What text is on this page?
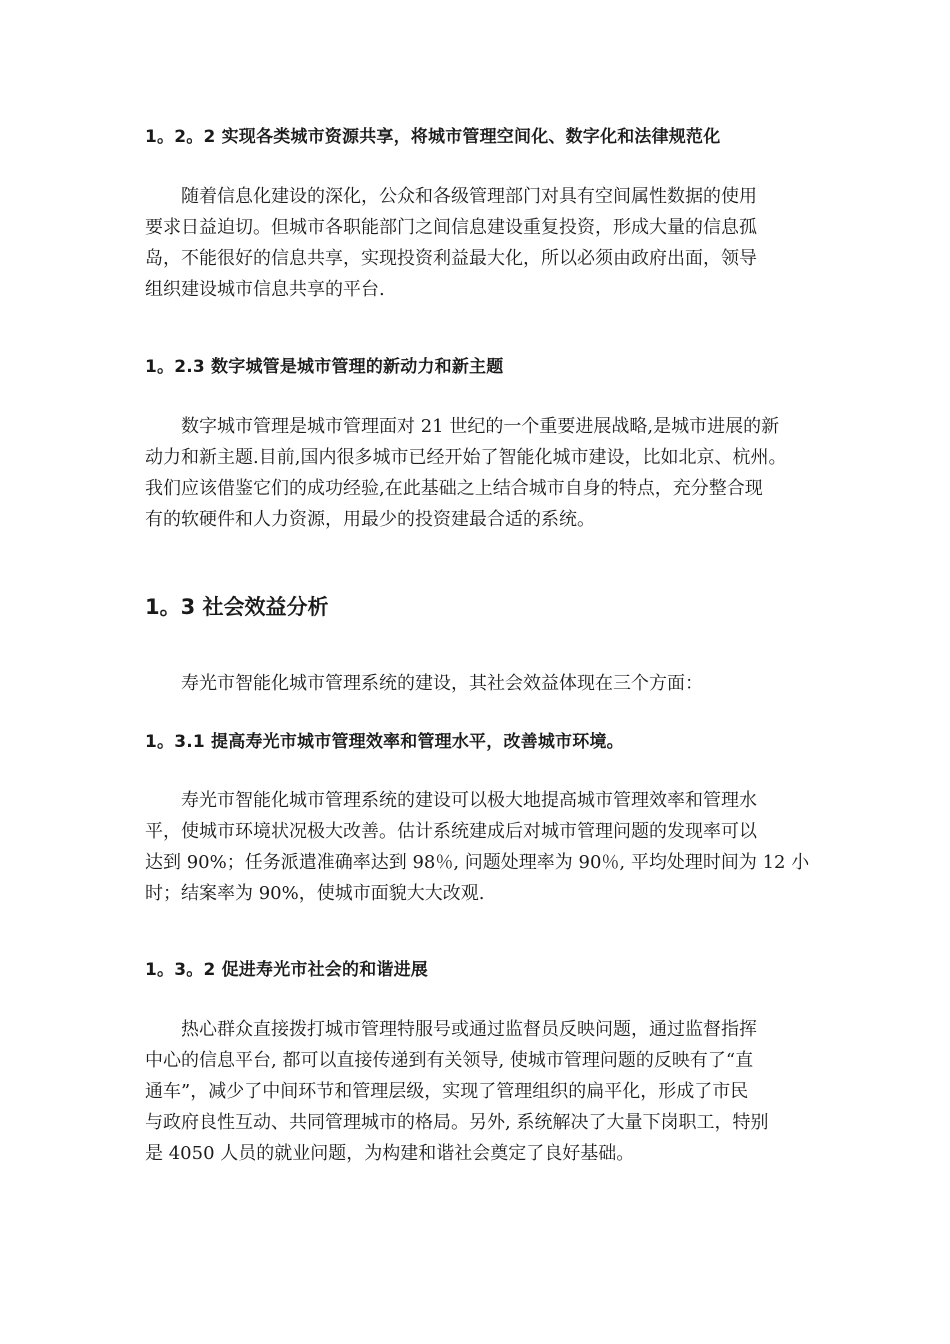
1。2。2 实现各类城市资源共享，将城市管理空间化、数字化和法律规范化
随着信息化建设的深化，公众和各级管理部门对具有空间属性数据的使用
要求日益迫切。但城市各职能部门之间信息建设重复投资，形成大量的信息孤
岛，不能很好的信息共享，实现投资利益最大化，所以必须由政府出面，领导
组织建设城市信息共享的平台.
1。2.3 数字城管是城市管理的新动力和新主题
数字城市管理是城市管理面对 21 世纪的一个重要进展战略,是城市进展的新
动力和新主题.目前,国内很多城市已经开始了智能化城市建设，比如北京、杭州。
我们应该借鉴它们的成功经验,在此基础之上结合城市自身的特点，充分整合现
有的软硬件和人力资源，用最少的投资建最合适的系统。
1。3 社会效益分析
寿光市智能化城市管理系统的建设，其社会效益体现在三个方面：
1。3.1 提高寿光市城市管理效率和管理水平，改善城市环境。
寿光市智能化城市管理系统的建设可以极大地提高城市管理效率和管理水
平，使城市环境状况极大改善。估计系统建成后对城市管理问题的发现率可以
达到 90%；任务派遣准确率达到 98％, 问题处理率为 90％, 平均处理时间为 12 小
时；结案率为 90%，使城市面貌大大改观.
1。3。2 促进寿光市社会的和谐进展
热心群众直接拨打城市管理特服号或通过监督员反映问题，通过监督指挥
中心的信息平台, 都可以直接传递到有关领导, 使城市管理问题的反映有了“直
通车”，减少了中间环节和管理层级，实现了管理组织的扁平化，形成了市民
与政府良性互动、共同管理城市的格局。另外, 系统解决了大量下岗职工，特别
是 4050 人员的就业问题，为构建和谐社会奠定了良好基础。
